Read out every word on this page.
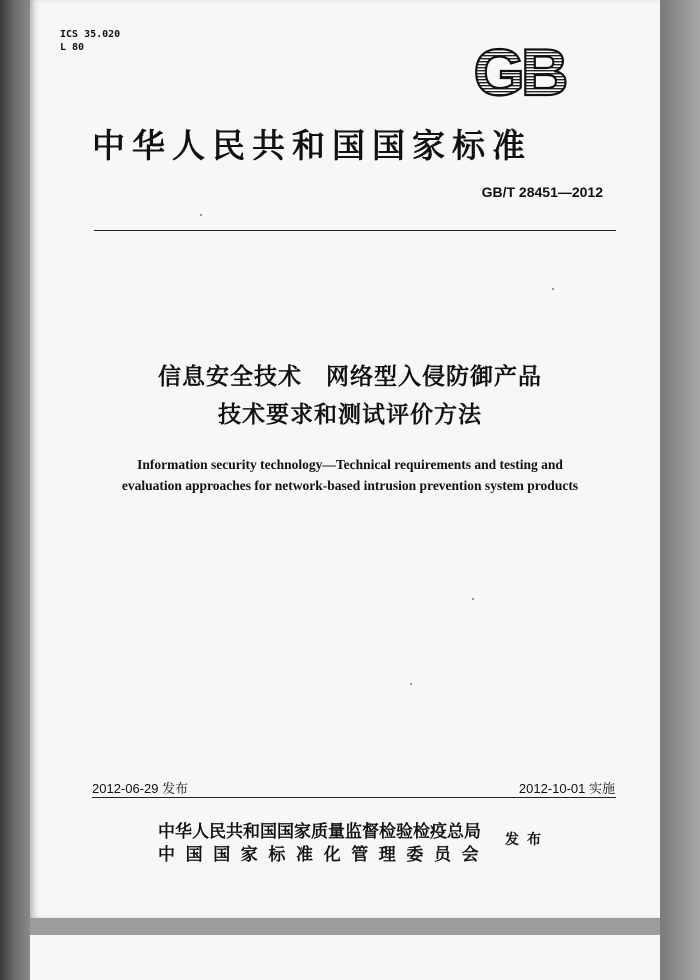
ICS 35.020
L 80	GB
中华人民共和国国家标准
GB/T 28451—2012
信息安全技术　网络型入侵防御产品
技术要求和测试评价方法
Information security technology—Technical requirements and testing and
evaluation approaches for network-based intrusion prevention system products
2012-06-29 发布	2012-10-01 实施
中华人民共和国国家质量监督检验检疫总局
中国国家标准化管理委员会
发布
